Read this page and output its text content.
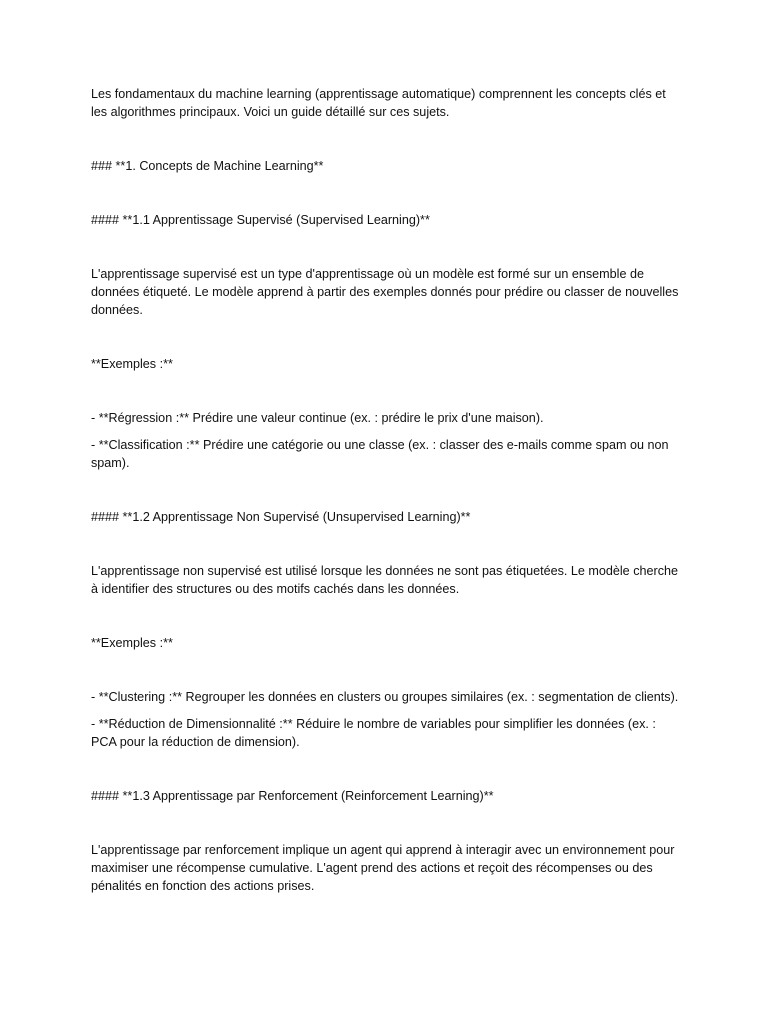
Les fondamentaux du machine learning (apprentissage automatique) comprennent les concepts clés et les algorithmes principaux. Voici un guide détaillé sur ces sujets.

### **1. Concepts de Machine Learning**

#### **1.1 Apprentissage Supervisé (Supervised Learning)**

L'apprentissage supervisé est un type d'apprentissage où un modèle est formé sur un ensemble de données étiqueté. Le modèle apprend à partir des exemples donnés pour prédire ou classer de nouvelles données.

**Exemples :**

- **Régression :** Prédire une valeur continue (ex. : prédire le prix d'une maison).

- **Classification :** Prédire une catégorie ou une classe (ex. : classer des e-mails comme spam ou non spam).

#### **1.2 Apprentissage Non Supervisé (Unsupervised Learning)**

L'apprentissage non supervisé est utilisé lorsque les données ne sont pas étiquetées. Le modèle cherche à identifier des structures ou des motifs cachés dans les données.

**Exemples :**

- **Clustering :** Regrouper les données en clusters ou groupes similaires (ex. : segmentation de clients).

- **Réduction de Dimensionnalité :** Réduire le nombre de variables pour simplifier les données (ex. : PCA pour la réduction de dimension).

#### **1.3 Apprentissage par Renforcement (Reinforcement Learning)**

L'apprentissage par renforcement implique un agent qui apprend à interagir avec un environnement pour maximiser une récompense cumulative. L'agent prend des actions et reçoit des récompenses ou des pénalités en fonction des actions prises.
